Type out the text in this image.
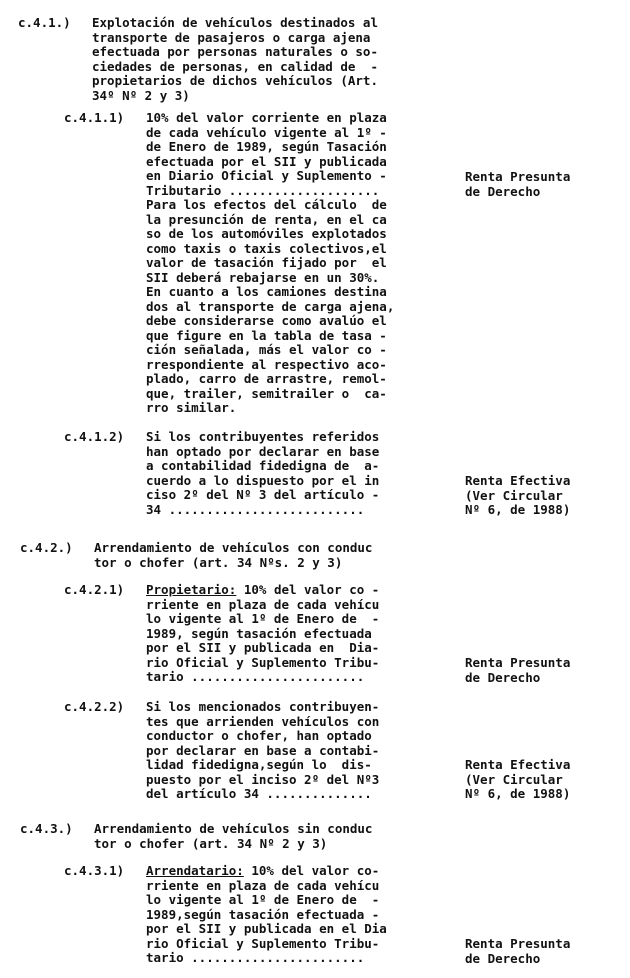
c.4.1.) Explotación de vehículos destinados al
transporte de pasajeros o carga ajena
efectuada por personas naturales o so-
ciedades de personas, en calidad de  -
propietarios de dichos vehículos (Art.
34º Nº 2 y 3)
c.4.1.1) 10% del valor corriente en plaza
de cada vehículo vigente al 1º -
de Enero de 1989, según Tasación
efectuada por el SII y publicada
en Diario Oficial y Suplemento -
Tributario ....................
Para los efectos del cálculo  de
la presunción de renta, en el ca
so de los automóviles explotados
como taxis o taxis colectivos,el
valor de tasación fijado por  el
SII deberá rebajarse en un 30%.
En cuanto a los camiones destina
dos al transporte de carga ajena,
debe considerarse como avalúo el
que figure en la tabla de tasa -
ción señalada, más el valor co -
rrespondiente al respectivo aco-
plado, carro de arrastre, remol-
que, trailer, semitrailer o  ca-
rro similar.
Renta Presunta
de Derecho
c.4.1.2) Si los contribuyentes referidos
han optado por declarar en base
a contabilidad fidedigna de  a-
cuerdo a lo dispuesto por el in
ciso 2º del Nº 3 del artículo -
34 ..........................
Renta Efectiva
(Ver Circular
Nº 6, de 1988)
c.4.2.) Arrendamiento de vehículos con conduc
tor o chofer (art. 34 Nºs. 2 y 3)
c.4.2.1) Propietario: 10% del valor co -
rriente en plaza de cada vehícu
lo vigente al 1º de Enero de  -
1989, según tasación efectuada
por el SII y publicada en  Dia-
rio Oficial y Suplemento Tribu-
tario .......................
Renta Presunta
de Derecho
c.4.2.2) Si los mencionados contribuyen-
tes que arrienden vehículos con
conductor o chofer, han optado
por declarar en base a contabi-
lidad fidedigna,según lo  dis-
puesto por el inciso 2º del Nº3
del artículo 34 ..............
Renta Efectiva
(Ver Circular
Nº 6, de 1988)
c.4.3.) Arrendamiento de vehículos sin conduc
tor o chofer (art. 34 Nº 2 y 3)
c.4.3.1) Arrendatario: 10% del valor co-
rriente en plaza de cada vehícu
lo vigente al 1º de Enero de  -
1989,según tasación efectuada -
por el SII y publicada en el Dia
rio Oficial y Suplemento Tribu-
tario .......................
Renta Presunta
de Derecho
